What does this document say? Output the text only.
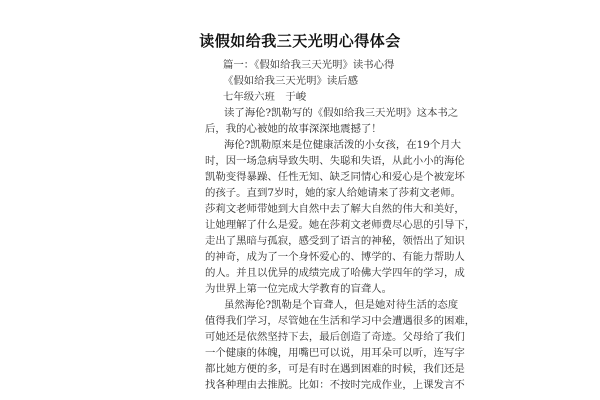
读假如给我三天光明心得体会
篇一：《假如给我三天光明》读书心得
《假如给我三天光明》读后感
七年级六班　于峻
读了海伦?凯勒写的《假如给我三天光明》这本书之
后，我的心被她的故事深深地震撼了！
海伦?凯勒原来是位健康活泼的小女孩，在19个月大
时，因一场急病导致失明、失聪和失语，从此小小的海伦
凯勒变得暴躁、任性无知、缺乏同情心和爱心是个被宠坏
的孩子。直到7岁时，她的家人给她请来了莎莉文老师。
莎莉文老师带她到大自然中去了解大自然的伟大和美好，
让她理解了什么是爱。她在莎莉文老师费尽心思的引导下，
走出了黑暗与孤寂，感受到了语言的神秘，领悟出了知识
的神奇，成为了一个身怀爱心的、博学的、有能力帮助人
的人。并且以优异的成绩完成了哈佛大学四年的学习，成
为世界上第一位完成大学教育的盲聋人。
虽然海伦?凯勒是个盲聋人，但是她对待生活的态度
值得我们学习，尽管她在生活和学习中会遭遇很多的困难，
可她还是依然坚持下去，最后创造了奇迹。父母给了我们
一个健康的体魄，用嘴巴可以说，用耳朵可以听，连写字
都比她方便的多，可是有时在遇到困难的时候，我们还是
找各种理由去推脱。比如：不按时完成作业，上课发言不
